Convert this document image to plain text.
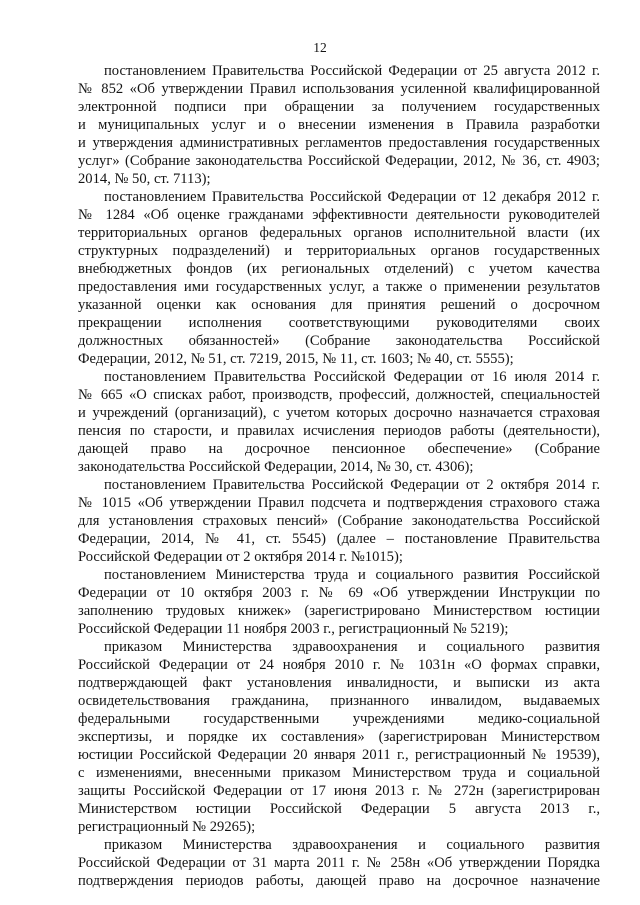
12
постановлением Правительства Российской Федерации от 25 августа 2012 г.
№ 852 «Об утверждении Правил использования усиленной квалифицированной
электронной подписи при обращении за получением государственных
и муниципальных услуг и о внесении изменения в Правила разработки
и утверждения административных регламентов предоставления государственных
услуг» (Собрание законодательства Российской Федерации, 2012, № 36, ст. 4903;
2014, № 50, ст. 7113);
постановлением Правительства Российской Федерации от 12 декабря 2012 г.
№ 1284 «Об оценке гражданами эффективности деятельности руководителей
территориальных органов федеральных органов исполнительной власти (их
структурных подразделений) и территориальных органов государственных
внебюджетных фондов (их региональных отделений) с учетом качества
предоставления ими государственных услуг, а также о применении результатов
указанной оценки как основания для принятия решений о досрочном
прекращении исполнения соответствующими руководителями своих
должностных обязанностей» (Собрание законодательства Российской
Федерации, 2012, № 51, ст. 7219, 2015, № 11, ст. 1603; № 40, ст. 5555);
постановлением Правительства Российской Федерации от 16 июля 2014 г.
№ 665 «О списках работ, производств, профессий, должностей, специальностей
и учреждений (организаций), с учетом которых досрочно назначается страховая
пенсия по старости, и правилах исчисления периодов работы (деятельности),
дающей право на досрочное пенсионное обеспечение» (Собрание
законодательства Российской Федерации, 2014, № 30, ст. 4306);
постановлением Правительства Российской Федерации от 2 октября 2014 г.
№ 1015 «Об утверждении Правил подсчета и подтверждения страхового стажа
для установления страховых пенсий» (Собрание законодательства Российской
Федерации, 2014, № 41, ст. 5545) (далее – постановление Правительства
Российской Федерации от 2 октября 2014 г. №1015);
постановлением Министерства труда и социального развития Российской
Федерации от 10 октября 2003 г. № 69 «Об утверждении Инструкции по
заполнению трудовых книжек» (зарегистрировано Министерством юстиции
Российской Федерации 11 ноября 2003 г., регистрационный № 5219);
приказом Министерства здравоохранения и социального развития
Российской Федерации от 24 ноября 2010 г. № 1031н «О формах справки,
подтверждающей факт установления инвалидности, и выписки из акта
освидетельствования гражданина, признанного инвалидом, выдаваемых
федеральными государственными учреждениями медико-социальной
экспертизы, и порядке их составления» (зарегистрирован Министерством
юстиции Российской Федерации 20 января 2011 г., регистрационный № 19539),
с изменениями, внесенными приказом Министерством труда и социальной
защиты Российской Федерации от 17 июня 2013 г. № 272н (зарегистрирован
Министерством юстиции Российской Федерации 5 августа 2013 г.,
регистрационный № 29265);
приказом Министерства здравоохранения и социального развития
Российской Федерации от 31 марта 2011 г. № 258н «Об утверждении Порядка
подтверждения периодов работы, дающей право на досрочное назначение
